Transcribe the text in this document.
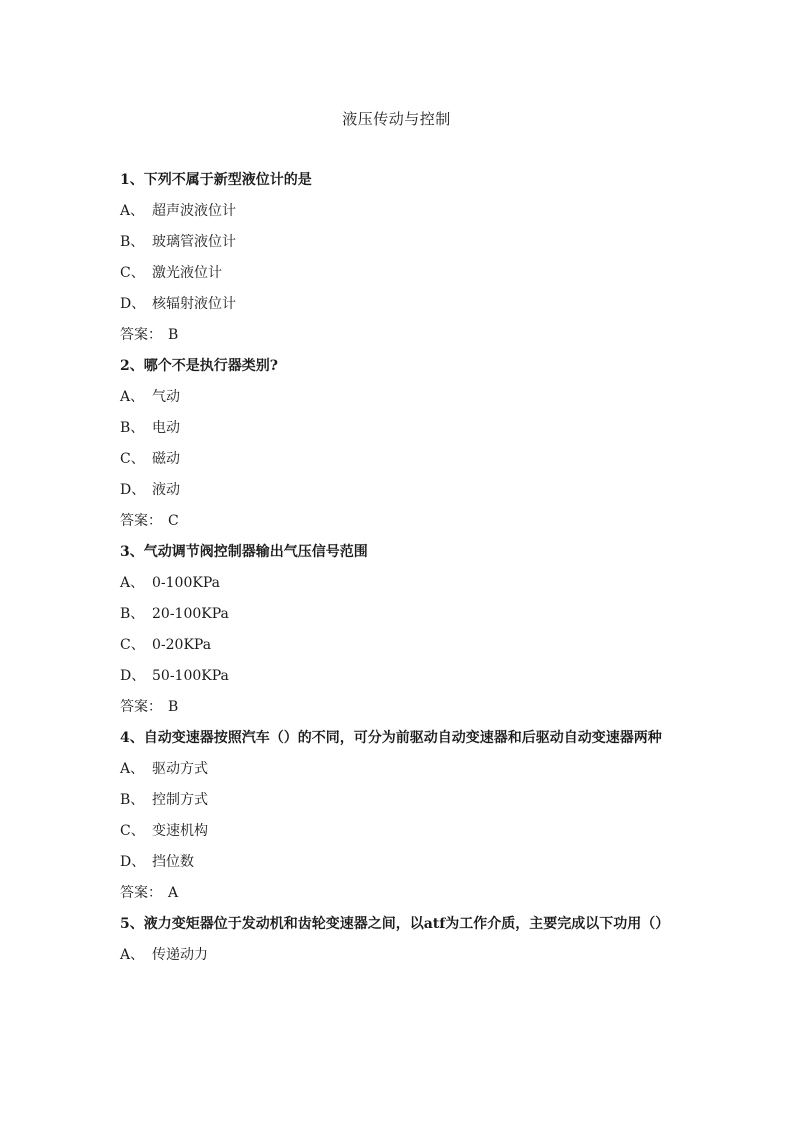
液压传动与控制
1、下列不属于新型液位计的是
A、 超声波液位计
B、 玻璃管液位计
C、 激光液位计
D、 核辐射液位计
答案： B
2、哪个不是执行器类别?
A、 气动
B、 电动
C、 磁动
D、 液动
答案： C
3、气动调节阀控制器输出气压信号范围
A、 0-100KPa
B、 20-100KPa
C、 0-20KPa
D、 50-100KPa
答案： B
4、自动变速器按照汽车（）的不同，可分为前驱动自动变速器和后驱动自动变速器两种
A、 驱动方式
B、 控制方式
C、 变速机构
D、 挡位数
答案： A
5、液力变矩器位于发动机和齿轮变速器之间，以atf为工作介质，主要完成以下功用（）
A、 传递动力
